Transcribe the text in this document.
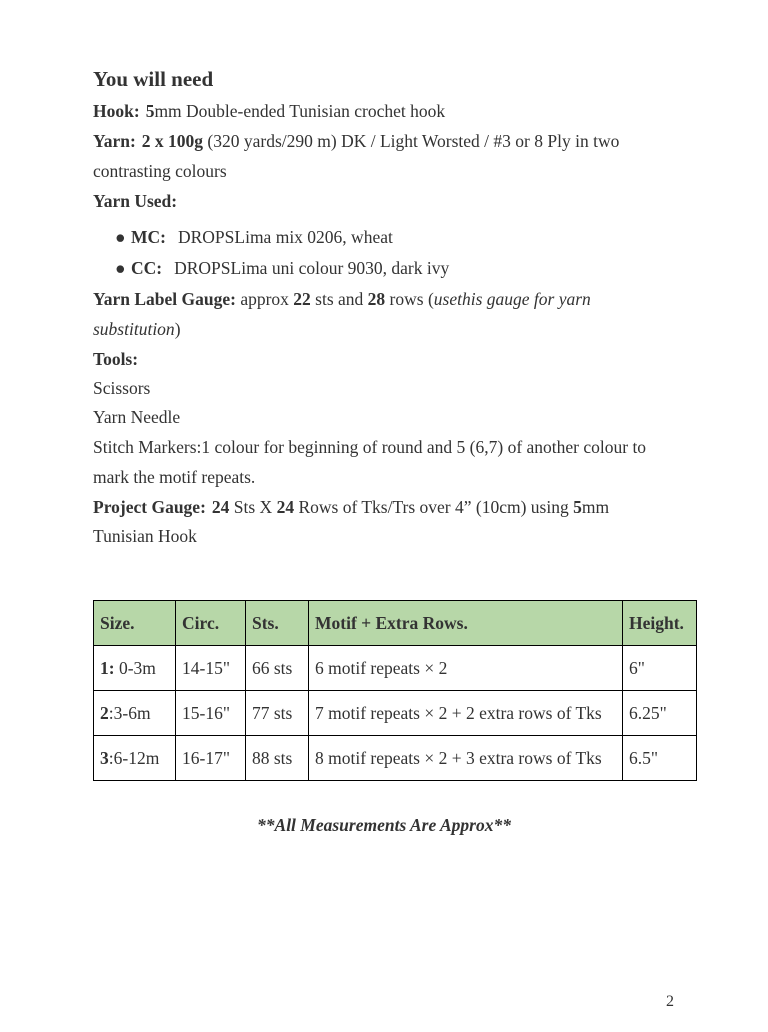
You will need

Hook: 5mm Double-ended Tunisian crochet hook

Yarn: 2 x 100g (320 yards/290 m) DK / Light Worsted / #3 or 8 Ply in two

contrasting colours

Yarn Used:

● MC: DROPSLima mix 0206, wheat
● CC: DROPSLima uni colour 9030, dark ivy

Yarn Label Gauge: approx 22 sts and 28 rows (usethis gauge for yarn

substitution)

Tools:

Scissors

Yarn Needle

Stitch Markers:1 colour for beginning of round and 5 (6,7) of another colour to

mark the motif repeats.

Project Gauge: 24 Sts X 24 Rows of Tks/Trs over 4” (10cm) using 5mm

Tunisian Hook

Size.	Circ.	Sts.	Motif + Extra Rows.	Height.
1: 0-3m	14-15"	66 sts	6 motif repeats × 2	6"
2:3-6m	15-16"	77 sts	7 motif repeats × 2 + 2 extra rows of Tks	6.25"
3:6-12m	16-17"	88 sts	8 motif repeats × 2 + 3 extra rows of Tks	6.5"
**All Measurements Are Approx**
2
